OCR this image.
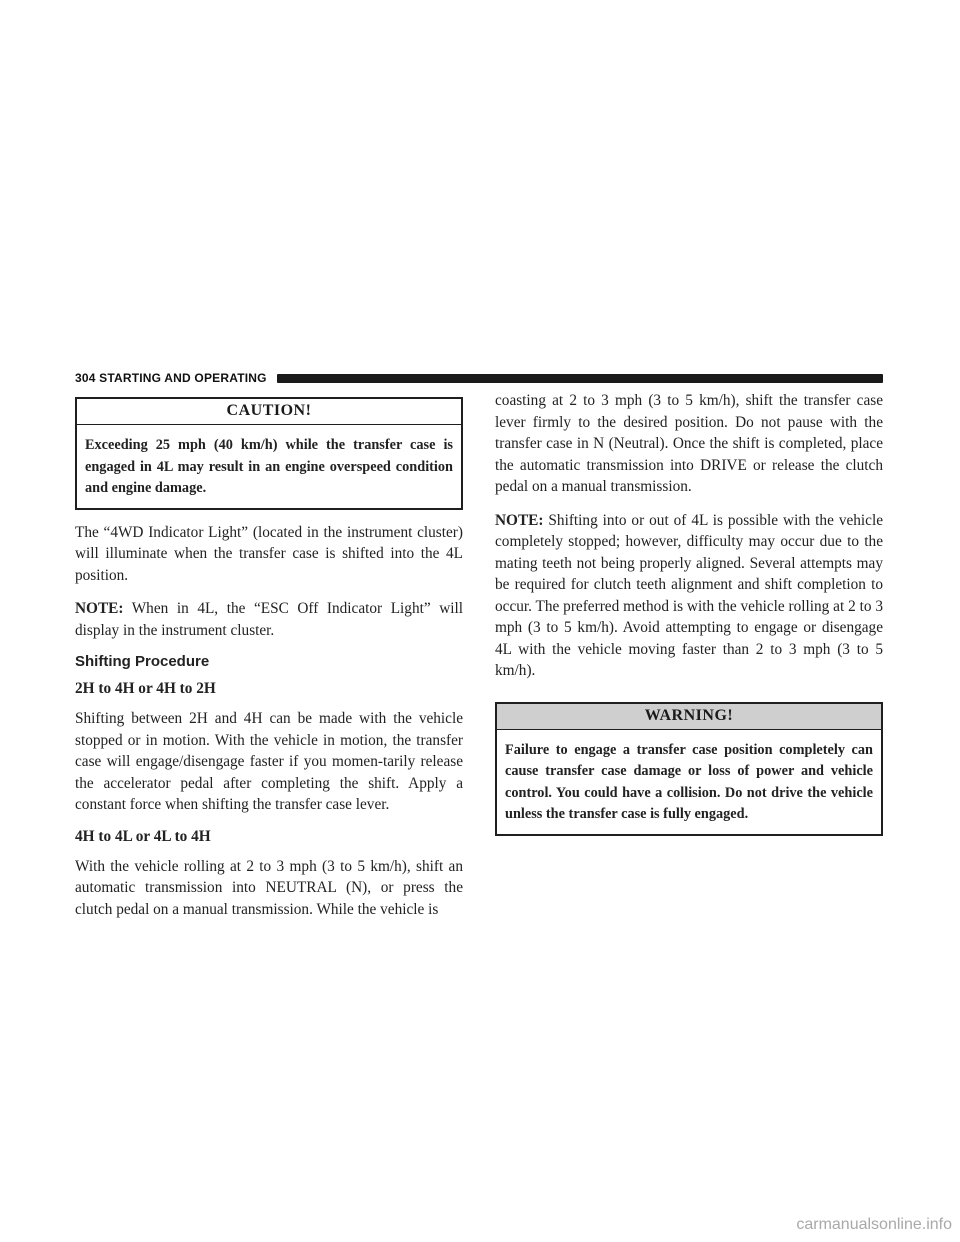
304 STARTING AND OPERATING
CAUTION!
Exceeding 25 mph (40 km/h) while the transfer case is engaged in 4L may result in an engine overspeed condition and engine damage.

The “4WD Indicator Light” (located in the instrument cluster) will illuminate when the transfer case is shifted into the 4L position.

NOTE: When in 4L, the “ESC Off Indicator Light” will display in the instrument cluster.

Shifting Procedure
2H to 4H or 4H to 2H

Shifting between 2H and 4H can be made with the vehicle stopped or in motion. With the vehicle in motion, the transfer case will engage/disengage faster if you momen-tarily release the accelerator pedal after completing the shift. Apply a constant force when shifting the transfer case lever.

4H to 4L or 4L to 4H

With the vehicle rolling at 2 to 3 mph (3 to 5 km/h), shift an automatic transmission into NEUTRAL (N), or press the clutch pedal on a manual transmission. While the vehicle is

coasting at 2 to 3 mph (3 to 5 km/h), shift the transfer case lever firmly to the desired position. Do not pause with the transfer case in N (Neutral). Once the shift is completed, place the automatic transmission into DRIVE or release the clutch pedal on a manual transmission.

NOTE: Shifting into or out of 4L is possible with the vehicle completely stopped; however, difficulty may occur due to the mating teeth not being properly aligned. Several attempts may be required for clutch teeth alignment and shift completion to occur. The preferred method is with the vehicle rolling at 2 to 3 mph (3 to 5 km/h). Avoid attempting to engage or disengage 4L with the vehicle moving faster than 2 to 3 mph (3 to 5 km/h).

WARNING!
Failure to engage a transfer case position completely can cause transfer case damage or loss of power and vehicle control. You could have a collision. Do not drive the vehicle unless the transfer case is fully engaged.
carmanualsonline.info
